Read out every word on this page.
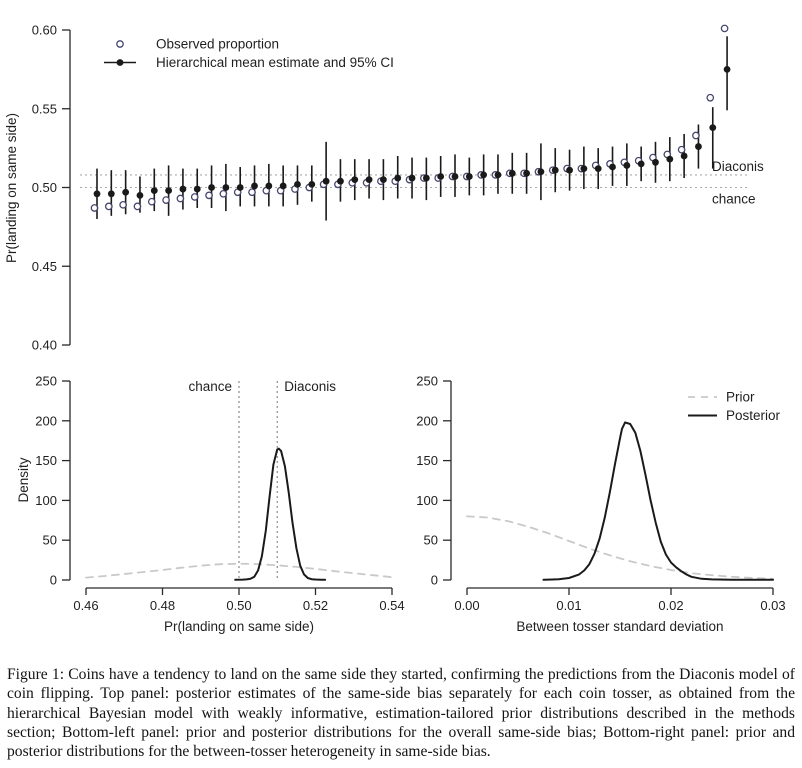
0.40
0.45
0.50
0.55
0.60
Pr(landing on same side)	Diaconis
chance
Observed proportion
Hierarchical mean estimate and 95% CI
0
50
100
150
200
250
Density
0.46	0.48	0.50	0.52	0.54
Pr(landing on same side)
chance	Diaconis
0
50
100
150
200
250
0.00	0.01	0.02	0.03
Between tosser standard deviation
Prior
Posterior

Figure 1: Coins have a tendency to land on the same side they started, confirming the predictions from the Diaconis model of coin flipping. Top panel: posterior estimates of the same-side bias separately for each coin tosser, as obtained from the hierarchical Bayesian model with weakly informative, estimation-tailored prior distributions described in the methods section; Bottom-left panel: prior and posterior distributions for the overall same-side bias; Bottom-right panel: prior and posterior distributions for the between-tosser heterogeneity in same-side bias.
